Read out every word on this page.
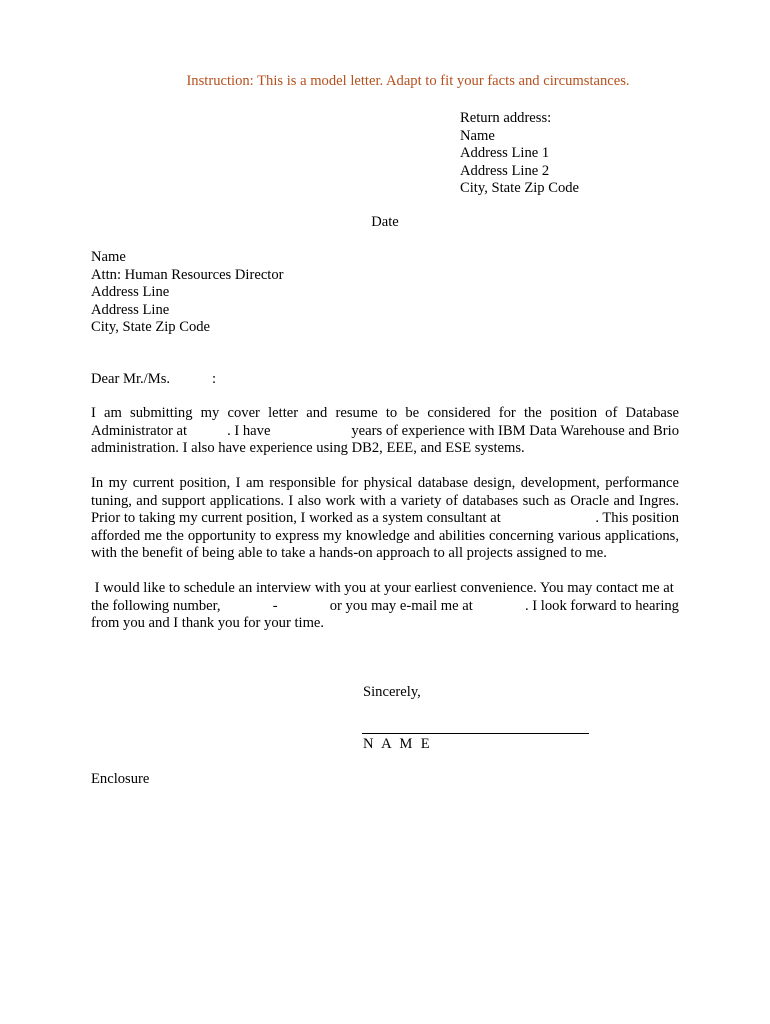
Instruction: This is a model letter. Adapt to fit your facts and circumstances.
Return address:
Name
Address Line 1
Address Line 2
City, State Zip Code
Date
Name
Attn: Human Resources Director
Address Line
Address Line
City, State Zip Code
Dear Mr./Ms.	:
I am submitting my cover letter and resume to be considered for the position of Database
Administrator at	. I have	years of experience with IBM Data Warehouse and Brio
administration. I also have experience using DB2, EEE, and ESE systems.
In my current position, I am responsible for physical database design, development, performance
tuning, and support applications. I also work with a variety of databases such as Oracle and Ingres.
Prior to taking my current position, I worked as a system consultant at	. This position
afforded me the opportunity to express my knowledge and abilities concerning various applications,
with the benefit of being able to take a hands-on approach to all projects assigned to me.
I would like to schedule an interview with you at your earliest convenience. You may contact me at
the following number,	-	or you may e-mail me at	. I look forward to hearing
from you and I thank you for your time.
Sincerely,
N A M E
Enclosure
